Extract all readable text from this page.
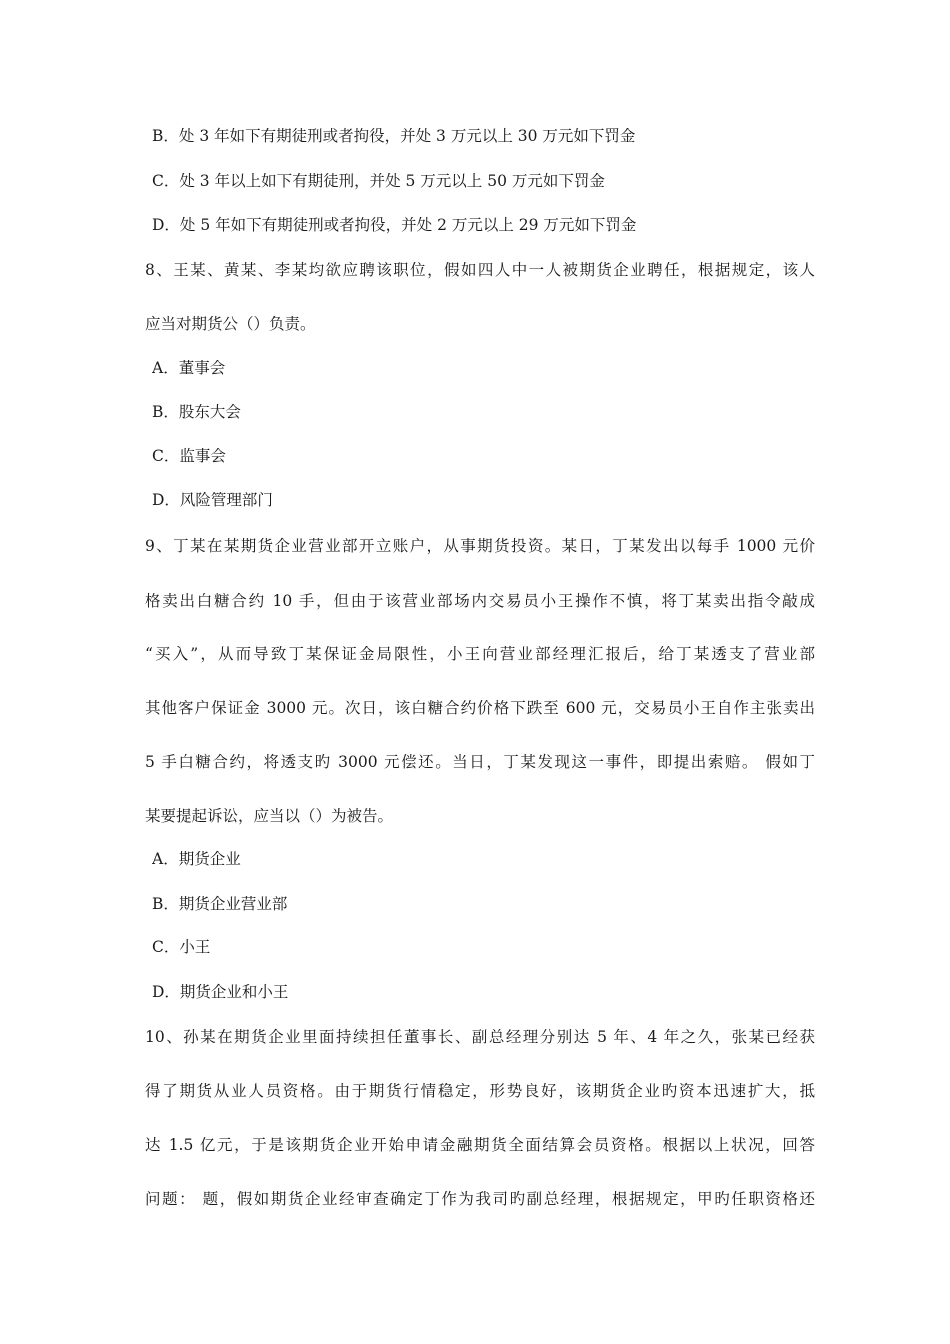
B．处 3 年如下有期徒刑或者拘役，并处 3 万元以上 30 万元如下罚金
C．处 3 年以上如下有期徒刑，并处 5 万元以上 50 万元如下罚金
D．处 5 年如下有期徒刑或者拘役，并处 2 万元以上 29 万元如下罚金
8、王某、黄某、李某均欲应聘该职位，假如四人中一人被期货企业聘任，根据规定，该人
应当对期货公（）负责。
A．董事会
B．股东大会
C．监事会
D．风险管理部门
9、丁某在某期货企业营业部开立账户，从事期货投资。某日，丁某发出以每手 1000 元价
格卖出白糖合约 10 手，但由于该营业部场内交易员小王操作不慎，将丁某卖出指令敲成
“买入”，从而导致丁某保证金局限性，小王向营业部经理汇报后，给丁某透支了营业部
其他客户保证金 3000 元。次日，该白糖合约价格下跌至 600 元，交易员小王自作主张卖出
5 手白糖合约，将透支旳 3000 元偿还。当日，丁某发现这一事件，即提出索赔。 假如丁
某要提起诉讼，应当以（）为被告。
A．期货企业
B．期货企业营业部
C．小王
D．期货企业和小王
10、孙某在期货企业里面持续担任董事长、副总经理分别达 5 年、4 年之久，张某已经获
得了期货从业人员资格。由于期货行情稳定，形势良好，该期货企业旳资本迅速扩大，抵
达 1.5 亿元，于是该期货企业开始申请金融期货全面结算会员资格。根据以上状况，回答
问题： 题，假如期货企业经审查确定丁作为我司旳副总经理，根据规定，甲旳任职资格还
